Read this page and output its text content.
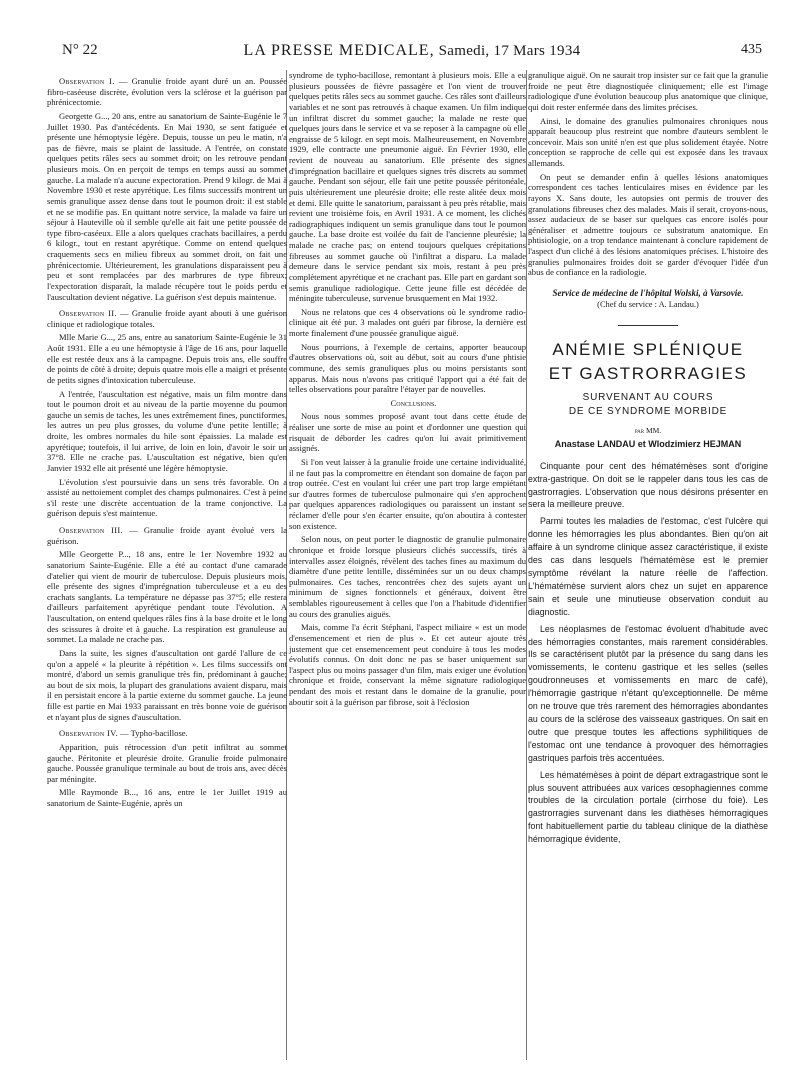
N° 22	LA PRESSE MEDICALE, Samedi, 17 Mars 1934	435

Observation I. — Granulie froide ayant duré un an. Poussée fibro-caséeuse discrète, évolution vers la sclérose et la guérison par phrénicectomie.

Georgette G..., 20 ans, entre au sanatorium de Sainte-Eugénie le 7 Juillet 1930. Pas d'antécédents. En Mai 1930, se sent fatiguée et présente une hémoptysie légère. Depuis, tousse un peu le matin, n'a pas de fièvre, mais se plaint de lassitude. A l'entrée, on constate quelques petits râles secs au sommet droit; on les retrouve pendant plusieurs mois. On en perçoit de temps en temps aussi au sommet gauche. La malade n'a aucune expectoration. Prend 9 kilogr. de Mai à Novembre 1930 et reste apyrétique. Les films successifs montrent un semis granulique assez dense dans tout le poumon droit: il est stable et ne se modifie pas. En quittant notre service, la malade va faire un séjour à Hauteville où il semble qu'elle ait fait une petite poussée de type fibro-caséeux. Elle a alors quelques crachats bacillaires, a perdu 6 kilogr., tout en restant apyrétique. Comme on entend quelques craquements secs en milieu fibreux au sommet droit, on fait une phrénicectomie. Ultérieurement, les granulations disparaissent peu à peu et sont remplacées par des marbrures de type fibreux; l'expectoration disparaît, la malade récupère tout le poids perdu et l'auscultation devient négative. La guérison s'est depuis maintenue.

Observation II. — Granulie froide ayant abouti à une guérison clinique et radiologique totales.

Mlle Marie G..., 25 ans, entre au sanatorium Sainte-Eugénie le 31 Août 1931. Elle a eu une hémoptysie à l'âge de 16 ans, pour laquelle elle est restée deux ans à la campagne. Depuis trois ans, elle souffre de points de côté à droite; depuis quatre mois elle a maigri et présente de petits signes d'intoxication tuberculeuse.

A l'entrée, l'auscultation est négative, mais un film montre dans tout le poumon droit et au niveau de la partie moyenne du poumon gauche un semis de taches, les unes extrêmement fines, punctiformes, les autres un peu plus grosses, du volume d'une petite lentille; à droite, les ombres normales du hile sont épaissies. La malade est apyrétique; toutefois, il lui arrive, de loin en loin, d'avoir le soir un 37°8. Elle ne crache pas. L'auscultation est négative, bien qu'en Janvier 1932 elle ait présenté une légère hémoptysie.

L'évolution s'est poursuivie dans un sens très favorable. On a assisté au nettoiement complet des champs pulmonaires. C'est à peine s'il reste une discrète accentuation de la trame conjonctive. La guérison depuis s'est maintenue.

Observation III. — Granulie froide ayant évolué vers la guérison.

Mlle Georgette P..., 18 ans, entre le 1er Novembre 1932 au sanatorium Sainte-Eugénie. Elle a été au contact d'une camarade d'atelier qui vient de mourir de tuberculose. Depuis plusieurs mois, elle présente des signes d'imprégnation tuberculeuse et a eu des crachats sanglants. La température ne dépasse pas 37°5; elle restera d'ailleurs parfaitement apyrétique pendant toute l'évolution. A l'auscultation, on entend quelques râles fins à la base droite et le long des scissures à droite et à gauche. La respiration est granuleuse au sommet. La malade ne crache pas.

Dans la suite, les signes d'auscultation ont gardé l'allure de ce qu'on a appelé « la pleurite à répétition ». Les films successifs ont montré, d'abord un semis granulique très fin, prédominant à gauche; au bout de six mois, la plupart des granulations avaient disparu, mais il en persistait encore à la partie externe du sommet gauche. La jeune fille est partie en Mai 1933 paraissant en très bonne voie de guérison et n'ayant plus de signes d'auscultation.

Observation IV. — Typho-bacillose.

Apparition, puis rétrocession d'un petit infiltrat au sommet gauche. Péritonite et pleurésie droite. Granulie froide pulmonaire gauche. Poussée granulique terminale au bout de trois ans, avec décès par méningite.

Mlle Raymonde B..., 16 ans, entre le 1er Juillet 1919 au sanatorium de Sainte-Eugénie, après un

syndrome de typho-bacillose, remontant à plusieurs mois. Elle a eu plusieurs poussées de fièvre passagère et l'on vient de trouver quelques petits râles secs au sommet gauche. Ces râles sont d'ailleurs variables et ne sont pas retrouvés à chaque examen. Un film indique un infiltrat discret du sommet gauche; la malade ne reste que quelques jours dans le service et va se reposer à la campagne où elle engraisse de 5 kilogr. en sept mois. Malheureusement, en Novembre 1929, elle contracte une pneumonie aiguë. En Février 1930, elle revient de nouveau au sanatorium. Elle présente des signes d'imprégnation bacillaire et quelques signes très discrets au sommet gauche. Pendant son séjour, elle fait une petite poussée péritonéale, puis ultérieurement une pleurésie droite; elle reste alitée deux mois et demi. Elle quitte le sanatorium, paraissant à peu près rétablie, mais revient une troisième fois, en Avril 1931. A ce moment, les clichés radiographiques indiquent un semis granulique dans tout le poumon gauche. La base droite est voilée du fait de l'ancienne pleurésie; la malade ne crache pas; on entend toujours quelques crépitations fibreuses au sommet gauche où l'infiltrat a disparu. La malade demeure dans le service pendant six mois, restant à peu près complètement apyrétique et ne crachant pas. Elle part en gardant son semis granulique radiologique. Cette jeune fille est décédée de méningite tuberculeuse, survenue brusquement en Mai 1932.

Nous ne relatons que ces 4 observations où le syndrome radio-clinique ait été pur. 3 malades ont guéri par fibrose, la dernière est morte finalement d'une poussée granulique aiguë.

Nous pourrions, à l'exemple de certains, apporter beaucoup d'autres observations où, soit au début, soit au cours d'une phtisie commune, des semis granuliques plus ou moins persistants sont apparus. Mais nous n'avons pas critiqué l'apport qui a été fait de telles observations pour paraître l'étayer par de nouvelles.

Conclusions.

Nous nous sommes proposé avant tout dans cette étude de réaliser une sorte de mise au point et d'ordonner une question qui risquait de déborder les cadres qu'on lui avait primitivement assignés.

Si l'on veut laisser à la granulie froide une certaine individualité, il ne faut pas la compromettre en étendant son domaine de façon par trop outrée. C'est en voulant lui créer une part trop large empiétant sur d'autres formes de tuberculose pulmonaire qui s'en approchent par quelques apparences radiologiques ou paraissent un instant se réclamer d'elle pour s'en écarter ensuite, qu'on aboutira à contester son existence.

Selon nous, on peut porter le diagnostic de granulie pulmonaire chronique et froide lorsque plusieurs clichés successifs, tirés à intervalles assez éloignés, révèlent des taches fines au maximum du diamètre d'une petite lentille, disséminées sur un ou deux champs pulmonaires. Ces taches, rencontrées chez des sujets ayant un minimum de signes fonctionnels et généraux, doivent être semblables rigoureusement à celles que l'on a l'habitude d'identifier au cours des granulies aiguës.

Mais, comme l'a écrit Stéphani, l'aspect miliaire « est un mode d'ensemencement et rien de plus ». Et cet auteur ajoute très justement que cet ensemencement peut conduire à tous les modes évolutifs connus. On doit donc ne pas se baser uniquement sur l'aspect plus ou moins passager d'un film, mais exiger une évolution chronique et froide, conservant la même signature radiologique pendant des mois et restant dans le domaine de la granulie, pour aboutir soit à la guérison par fibrose, soit à l'éclosion

granulique aiguë. On ne saurait trop insister sur ce fait que la granulie froide ne peut être diagnostiquée cliniquement; elle est l'image radiologique d'une évolution beaucoup plus anatomique que clinique, qui doit rester enfermée dans des limites précises.

Ainsi, le domaine des granulies pulmonaires chroniques nous apparaît beaucoup plus restreint que nombre d'auteurs semblent le concevoir. Mais son unité n'en est que plus solidement étayée. Notre conception se rapproche de celle qui est exposée dans les travaux allemands.

On peut se demander enfin à quelles lésions anatomiques correspondent ces taches lenticulaires mises en évidence par les rayons X. Sans doute, les autopsies ont permis de trouver des granulations fibreuses chez des malades. Mais il serait, croyons-nous, assez audacieux de se baser sur quelques cas encore isolés pour généraliser et admettre toujours ce substratum anatomique. En phtisiologie, on a trop tendance maintenant à conclure rapidement de l'aspect d'un cliché à des lésions anatomiques précises. L'histoire des granulies pulmonaires froides doit se garder d'évoquer l'idée d'un abus de confiance en la radiologie.

Service de médecine de l'hôpital Wolski, à Varsovie.
(Chef du service : A. Landau.)
ANÉMIE SPLÉNIQUE
ET GASTRORRAGIES
SURVENANT AU COURS
DE CE SYNDROME MORBIDE
par MM.
Anastase LANDAU et Wlodzimierz HEJMAN

Cinquante pour cent des hématémèses sont d'origine extra-gastrique. On doit se le rappeler dans tous les cas de gastrorragies. L'observation que nous désirons présenter en sera la meilleure preuve.

Parmi toutes les maladies de l'estomac, c'est l'ulcère qui donne les hémorragies les plus abondantes. Bien qu'on ait affaire à un syndrome clinique assez caractéristique, il existe des cas dans lesquels l'hématémèse est le premier symptôme révélant la nature réelle de l'affection. L'hématémèse survient alors chez un sujet en apparence sain et seule une minutieuse observation conduit au diagnostic.

Les néoplasmes de l'estomac évoluent d'habitude avec des hémorragies constantes, mais rarement considérables. Ils se caractérisent plutôt par la présence du sang dans les vomissements, le contenu gastrique et les selles (selles goudronneuses et vomissements en marc de café), l'hémorragie gastrique n'étant qu'exceptionnelle. De même on ne trouve que très rarement des hémorragies abondantes au cours de la sclérose des vaisseaux gastriques. On sait en outre que presque toutes les affections syphilitiques de l'estomac ont une tendance à provoquer des hémorragies gastriques parfois très accentuées.

Les hématémèses à point de départ extragastrique sont le plus souvent attribuées aux varices œsophagiennes comme troubles de la circulation portale (cirrhose du foie). Les gastrorragies survenant dans les diathèses hémorragiques font habituellement partie du tableau clinique de la diathèse hémorragique évidente,
